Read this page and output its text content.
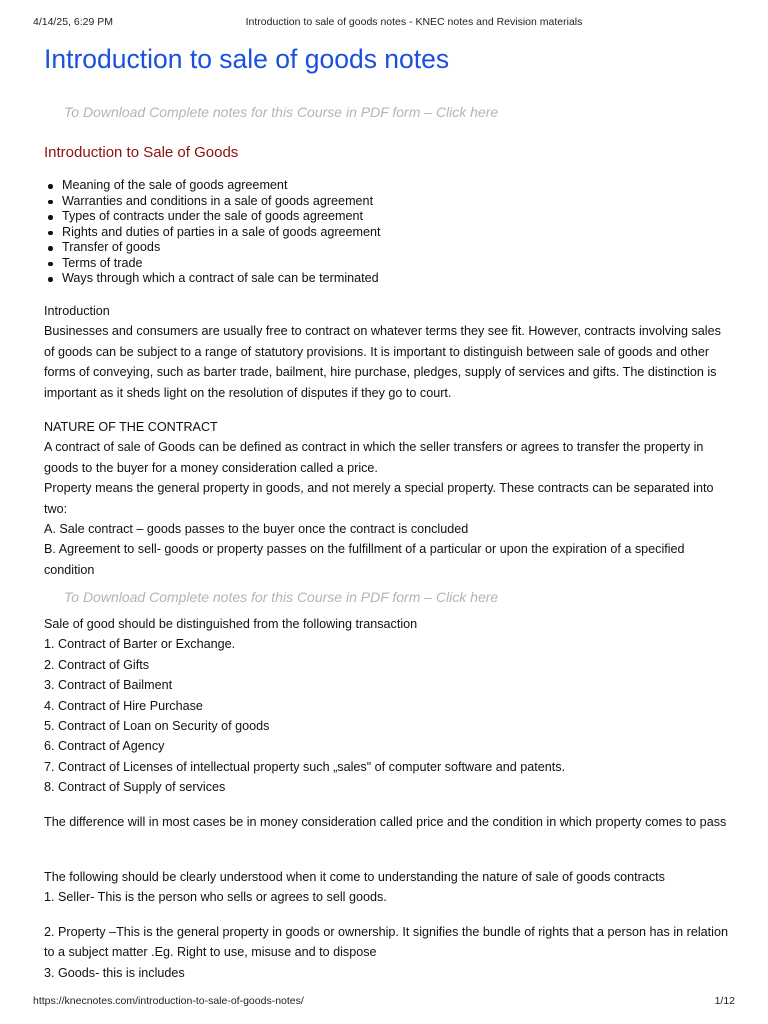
4/14/25, 6:29 PM	Introduction to sale of goods notes - KNEC notes and Revision materials
Introduction to sale of goods notes
To Download Complete notes for this Course in PDF form – Click here
Introduction to Sale of Goods
Meaning of the sale of goods agreement
Warranties and conditions in a sale of goods agreement
Types of contracts under the sale of goods agreement
Rights and duties of parties in a sale of goods agreement
Transfer of goods
Terms of trade
Ways through which a contract of sale can be terminated

Introduction

Businesses and consumers are usually free to contract on whatever terms they see fit. However, contracts involving sales of goods can be subject to a range of statutory provisions. It is important to distinguish between sale of goods and other forms of conveying, such as barter trade, bailment, hire purchase, pledges, supply of services and gifts. The distinction is important as it sheds light on the resolution of disputes if they go to court.

NATURE OF THE CONTRACT

A contract of sale of Goods can be defined as contract in which the seller transfers or agrees to transfer the property in goods to the buyer for a money consideration called a price.

Property means the general property in goods, and not merely a special property. These contracts can be separated into two:

A. Sale contract – goods passes to the buyer once the contract is concluded

B. Agreement to sell- goods or property passes on the fulfillment of a particular or upon the expiration of a specified condition

To Download Complete notes for this Course in PDF form – Click here

Sale of good should be distinguished from the following transaction

1. Contract of Barter or Exchange.

2. Contract of Gifts

3. Contract of Bailment

4. Contract of Hire Purchase

5. Contract of Loan on Security of goods

6. Contract of Agency

7. Contract of Licenses of intellectual property such „sales" of computer software and patents.

8. Contract of Supply of services

The difference will in most cases be in money consideration called price and the condition in which property comes to pass

The following should be clearly understood when it come to understanding the nature of sale of goods contracts

1. Seller- This is the person who sells or agrees to sell goods.

2. Property –This is the general property in goods or ownership. It signifies the bundle of rights that a person has in relation to a subject matter .Eg. Right to use, misuse and to dispose

3. Goods- this is includes

https://knecnotes.com/introduction-to-sale-of-goods-notes/	1/12
